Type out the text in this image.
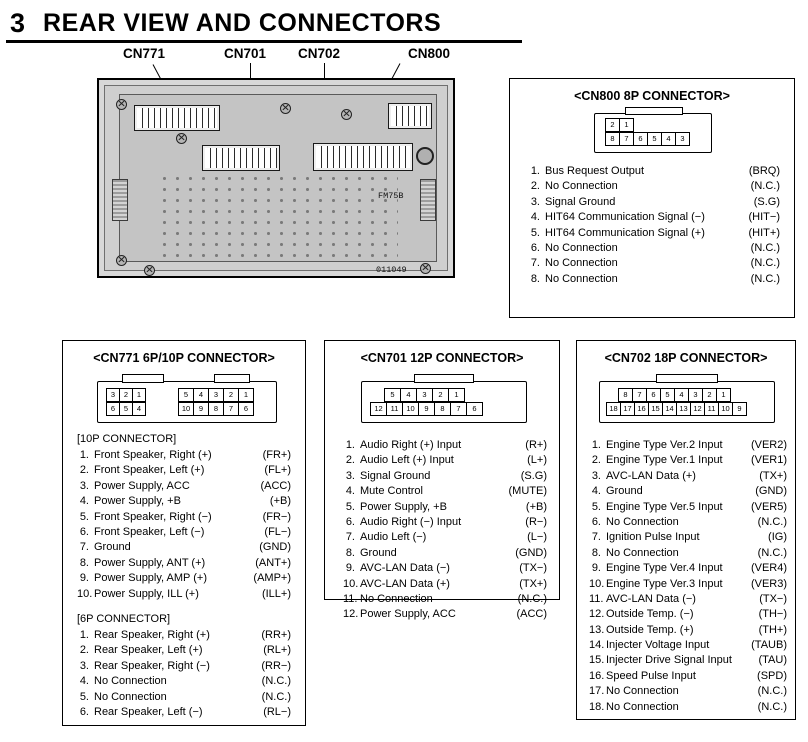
3 REAR VIEW AND CONNECTORS
CN771	CN701 CN702	CN800
FM75B
011049
<CN800 8P CONNECTOR>
2	1
8	7	6	5	4	3
1. Bus Request Output	(BRQ)
2. No Connection	(N.C.)
3. Signal Ground	(S.G)
4. HIT64 Communication Signal (−)	(HIT−)
5. HIT64 Communication Signal (+)	(HIT+)
6. No Connection	(N.C.)
7. No Connection	(N.C.)
8. No Connection	(N.C.)
<CN771 6P/10P CONNECTOR>
3	2	1
6	5	4
5	4	3	2	1
10	9	8	7	6
[10P CONNECTOR]
1. Front Speaker, Right (+)	(FR+)
2. Front Speaker, Left (+)	(FL+)
3. Power Supply, ACC	(ACC)
4. Power Supply, +B	(+B)
5. Front Speaker, Right (−)	(FR−)
6. Front Speaker, Left (−)	(FL−)
7. Ground	(GND)
8. Power Supply, ANT (+)	(ANT+)
9. Power Supply, AMP (+)	(AMP+)
10. Power Supply, ILL (+)	(ILL+)
[6P CONNECTOR]
1. Rear Speaker, Right (+)	(RR+)
2. Rear Speaker, Left (+)	(RL+)
3. Rear Speaker, Right (−)	(RR−)
4. No Connection	(N.C.)
5. No Connection	(N.C.)
6. Rear Speaker, Left (−)	(RL−)
<CN701 12P CONNECTOR>
5	4	3	2	1
12	11	10	9	8	7	6
1. Audio Right (+) Input	(R+)
2. Audio Left (+) Input	(L+)
3. Signal Ground	(S.G)
4. Mute Control	(MUTE)
5. Power Supply, +B	(+B)
6. Audio Right (−) Input	(R−)
7. Audio Left (−)	(L−)
8. Ground	(GND)
9. AVC-LAN Data (−)	(TX−)
10. AVC-LAN Data (+)	(TX+)
11. No Connection	(N.C.)
12. Power Supply, ACC	(ACC)
<CN702 18P CONNECTOR>
8	7	6	5	4	3	2	1
18 17 16 15 14 13 12 11 10	9
1. Engine Type Ver.2 Input	(VER2)
2. Engine Type Ver.1 Input	(VER1)
3. AVC-LAN Data (+)	(TX+)
4. Ground	(GND)
5. Engine Type Ver.5 Input	(VER5)
6. No Connection	(N.C.)
7. Ignition Pulse Input	(IG)
8. No Connection	(N.C.)
9. Engine Type Ver.4 Input	(VER4)
10. Engine Type Ver.3 Input	(VER3)
11. AVC-LAN Data (−)	(TX−)
12. Outside Temp. (−)	(TH−)
13. Outside Temp. (+)	(TH+)
14. Injecter Voltage Input	(TAUB)
15. Injecter Drive Signal Input	(TAU)
16. Speed Pulse Input	(SPD)
17. No Connection	(N.C.)
18. No Connection	(N.C.)
